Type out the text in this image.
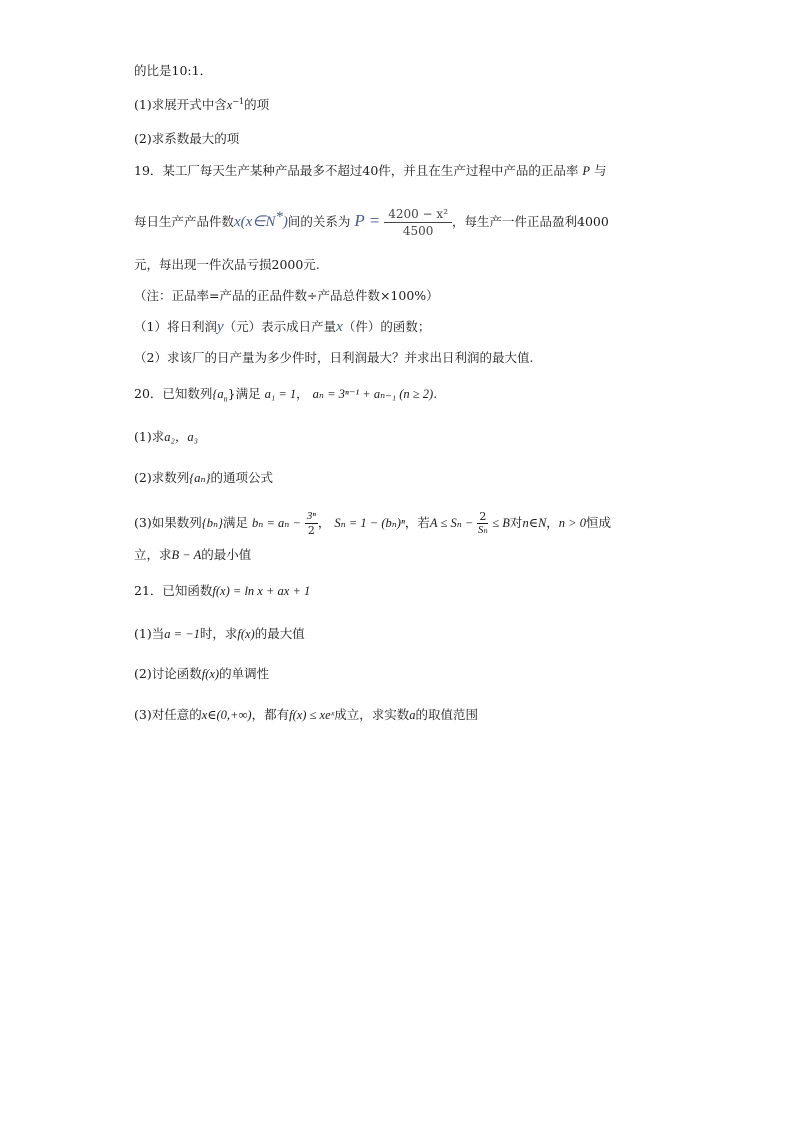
的比是10:1．
(1)求展开式中含$x^{-1}$的项
(2)求系数最大的项
19．某工厂每天生产某种产品最多不超过40件，并且在生产过程中产品的正品率 P 与
每日生产产品件数x(x∈N*)间的关系为 $P = \frac{\text{4200 − x²}}{4500}$ ，每生产一件正品盈利4000
元，每出现一件次品亏损2000元.
（注：正品率=产品的正品件数÷产品总件数×100%）
（1）将日利润y（元）表示成日产量x（件）的函数；
（2）求该厂的日产量为多少件时，日利润最大？并求出日利润的最大值.
20．已知数列$\{a_n\}$满足 a₁ = 1， aₙ = 3ⁿ⁻¹ + aₙ₋₁ (n ≥ 2).
(1)求a₂，a₃
(2)求数列{aₙ}的通项公式
(3)如果数列{bₙ}满足 $b_n = a_n - \frac{\text{3ⁿ}}{2}$ ， Sₙ = 1 − (bₙ)ⁿ，若$A \le S_n - \frac{2}{\text{Sₙ}} \le B$对n∈N，n > 0恒成
立，求B − A的最小值
21．已知函数f(x) = ln x + ax + 1
(1)当a = −1时，求f(x)的最大值
(2)讨论函数f(x)的单调性
(3)对任意的x∈(0,+∞)，都有f(x) ≤ xeˣ成立，求实数a的取值范围
